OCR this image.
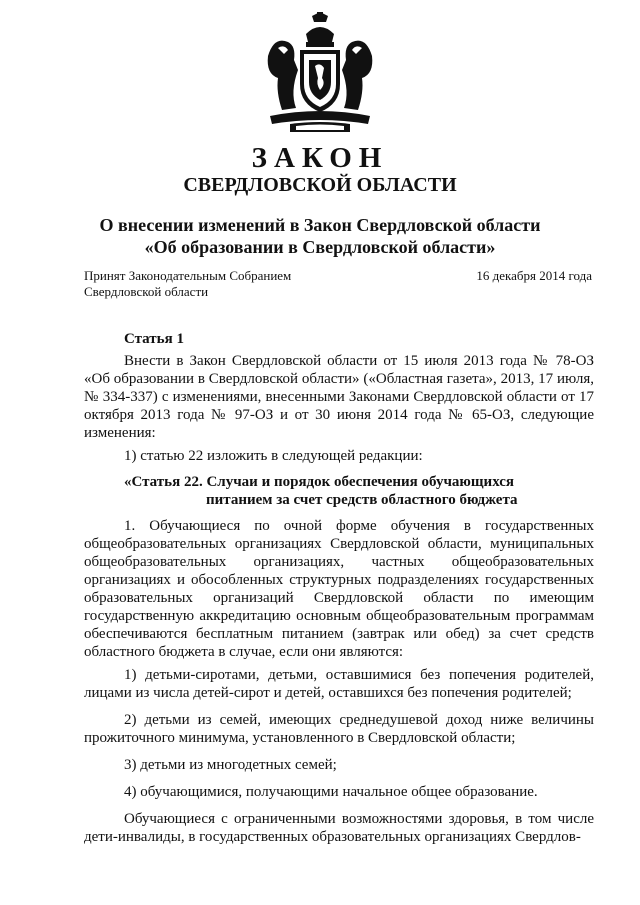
ЗАКОН
СВЕРДЛОВСКОЙ ОБЛАСТИ
О внесении изменений в Закон Свердловской области
«Об образовании в Свердловской области»
Принят Законодательным Собранием
Свердловской области
16 декабря 2014 года
Статья 1

Внести в Закон Свердловской области от 15 июля 2013 года № 78-ОЗ «Об образовании в Свердловской области» («Областная газета», 2013, 17 июля, № 334-337) с изменениями, внесенными Законами Свердловской области от 17 октября 2013 года № 97-ОЗ и от 30 июня 2014 года № 65-ОЗ, следующие изменения:

1) статью 22 изложить в следующей редакции:

«Статья 22. Случаи и порядок обеспечения обучающихся
питанием за счет средств областного бюджета

1. Обучающиеся по очной форме обучения в государственных общеобразовательных организациях Свердловской области, муниципальных общеобразовательных организациях, частных общеобразовательных организациях и обособленных структурных подразделениях государственных образовательных организаций Свердловской области по имеющим государственную аккредитацию основным общеобразовательным программам обеспечиваются бесплатным питанием (завтрак или обед) за счет средств областного бюджета в случае, если они являются:

1) детьми-сиротами, детьми, оставшимися без попечения родителей, лицами из числа детей-сирот и детей, оставшихся без попечения родителей;

2) детьми из семей, имеющих среднедушевой доход ниже величины прожиточного минимума, установленного в Свердловской области;

3) детьми из многодетных семей;

4) обучающимися, получающими начальное общее образование.

Обучающиеся с ограниченными возможностями здоровья, в том числе дети-инвалиды, в государственных образовательных организациях Свердлов-
